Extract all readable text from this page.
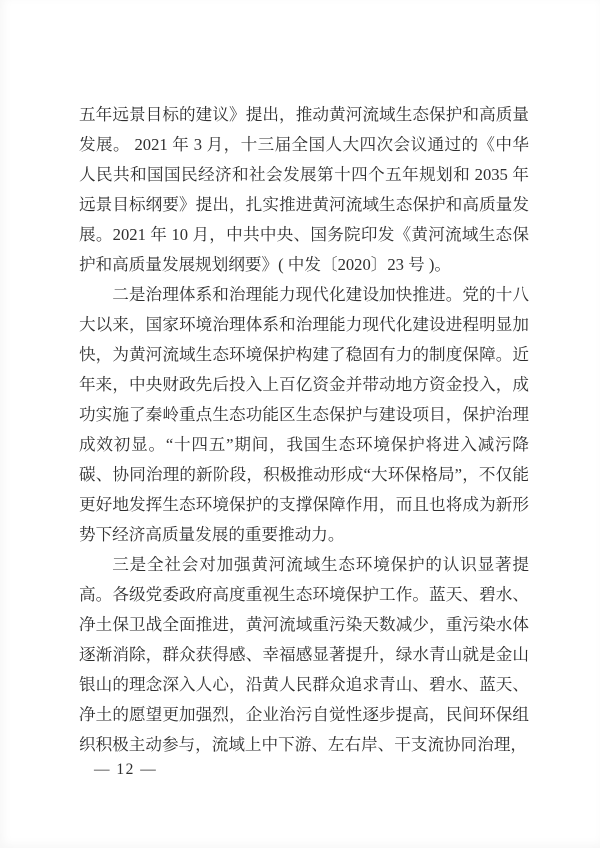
五年远景目标的建议》提出，推动黄河流域生态保护和高质量发展。 2021 年 3 月，十三届全国人大四次会议通过的《中华人民共和国国民经济和社会发展第十四个五年规划和 2035 年远景目标纲要》提出，扎实推进黄河流域生态保护和高质量发展。2021 年 10 月，中共中央、国务院印发《黄河流域生态保护和高质量发展规划纲要》( 中发〔2020〕23 号 )。

二是治理体系和治理能力现代化建设加快推进。党的十八大以来，国家环境治理体系和治理能力现代化建设进程明显加快，为黄河流域生态环境保护构建了稳固有力的制度保障。近年来，中央财政先后投入上百亿资金并带动地方资金投入，成功实施了秦岭重点生态功能区生态保护与建设项目，保护治理成效初显。“十四五”期间，我国生态环境保护将进入减污降碳、协同治理的新阶段，积极推动形成“大环保格局”，不仅能更好地发挥生态环境保护的支撑保障作用，而且也将成为新形势下经济高质量发展的重要推动力。

三是全社会对加强黄河流域生态环境保护的认识显著提高。各级党委政府高度重视生态环境保护工作。蓝天、碧水、净土保卫战全面推进，黄河流域重污染天数减少，重污染水体逐渐消除，群众获得感、幸福感显著提升，绿水青山就是金山银山的理念深入人心，沿黄人民群众追求青山、碧水、蓝天、净土的愿望更加强烈，企业治污自觉性逐步提高，民间环保组织积极主动参与，流域上中下游、左右岸、干支流协同治理，

— 12 —
